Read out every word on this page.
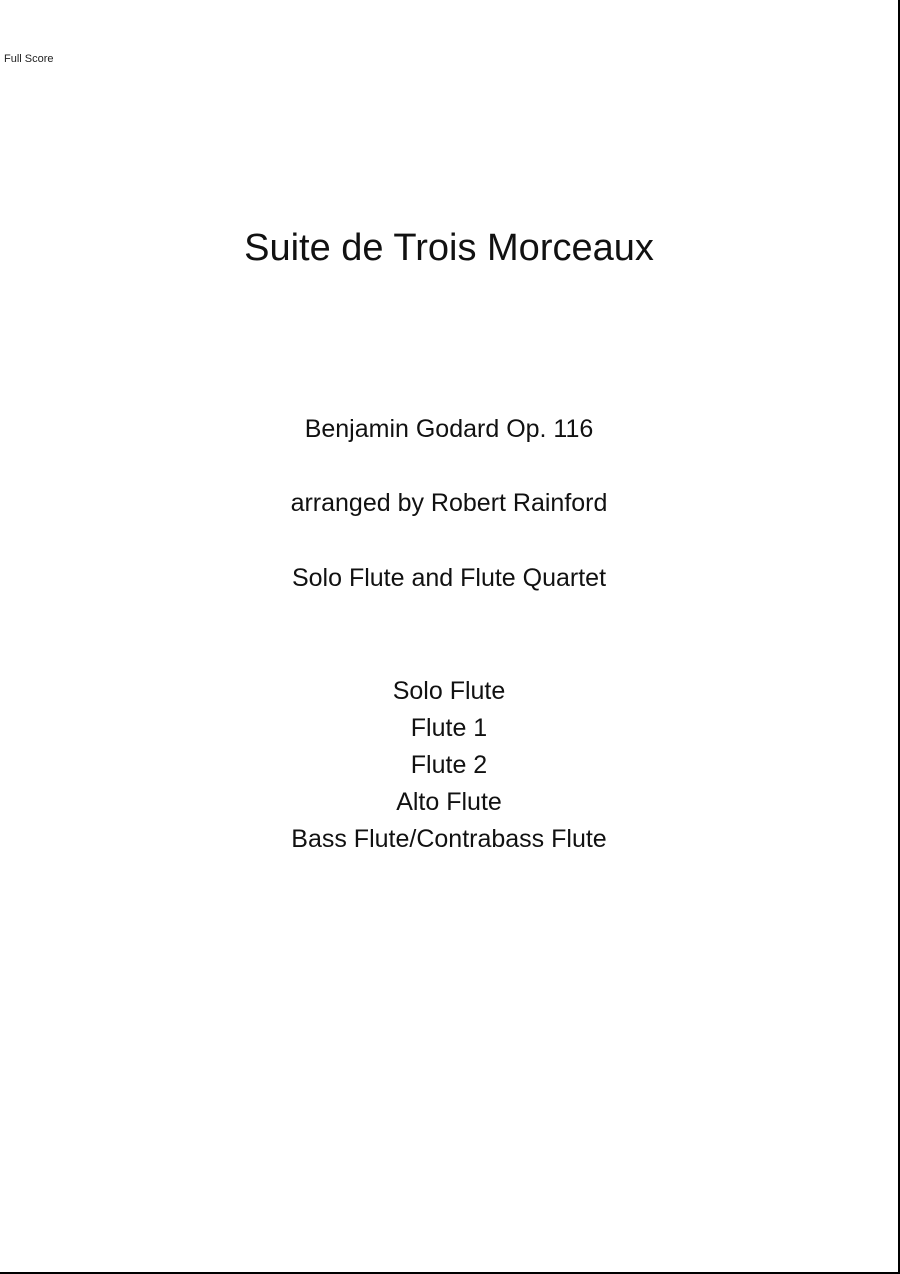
Full Score
Suite de Trois Morceaux
Benjamin Godard Op. 116
arranged by Robert Rainford
Solo Flute and Flute Quartet
Solo Flute
Flute 1
Flute 2
Alto Flute
Bass Flute/Contrabass Flute
